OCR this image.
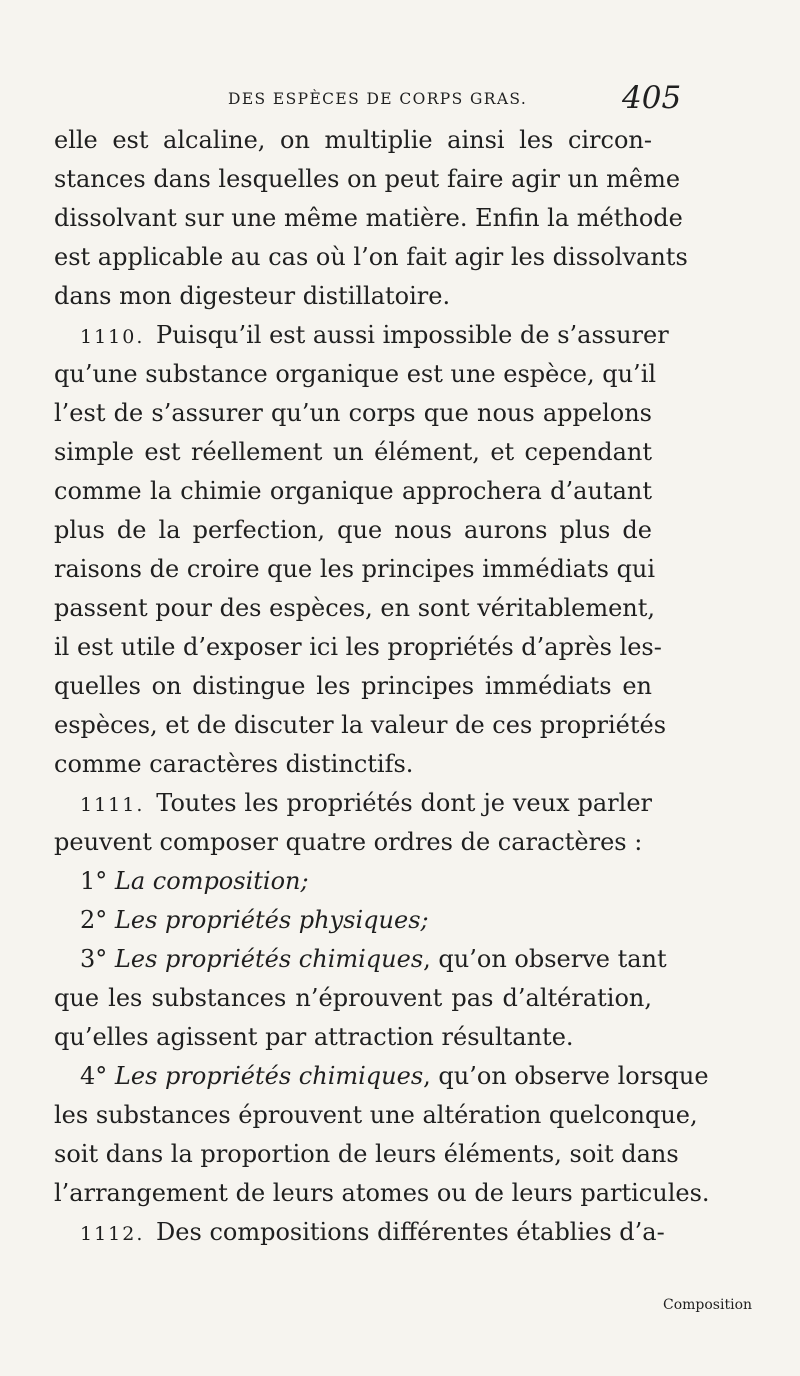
DES ESPÈCES DE CORPS GRAS.	405
elle est alcaline, on multiplie ainsi les circon-
stances dans lesquelles on peut faire agir un même
dissolvant sur une même matière. Enfin la méthode
est applicable au cas où l’on fait agir les dissolvants
dans mon digesteur distillatoire.
1110. Puisqu’il est aussi impossible de s’assurer
qu’une substance organique est une espèce, qu’il
l’est de s’assurer qu’un corps que nous appelons
simple est réellement un élément, et cependant
comme la chimie organique approchera d’autant
plus de la perfection, que nous aurons plus de
raisons de croire que les principes immédiats qui
passent pour des espèces, en sont véritablement,
il est utile d’exposer ici les propriétés d’après les-
quelles on distingue les principes immédiats en
espèces, et de discuter la valeur de ces propriétés
comme caractères distinctifs.
1111. Toutes les propriétés dont je veux parler
peuvent composer quatre ordres de caractères :
1° La composition;
2° Les propriétés physiques;
3° Les propriétés chimiques, qu’on observe tant
que les substances n’éprouvent pas d’altération,
qu’elles agissent par attraction résultante.
4° Les propriétés chimiques, qu’on observe lorsque
les substances éprouvent une altération quelconque,
soit dans la proportion de leurs éléments, soit dans
l’arrangement de leurs atomes ou de leurs particules.
1112. Des compositions différentes établies d’a-
Composition
